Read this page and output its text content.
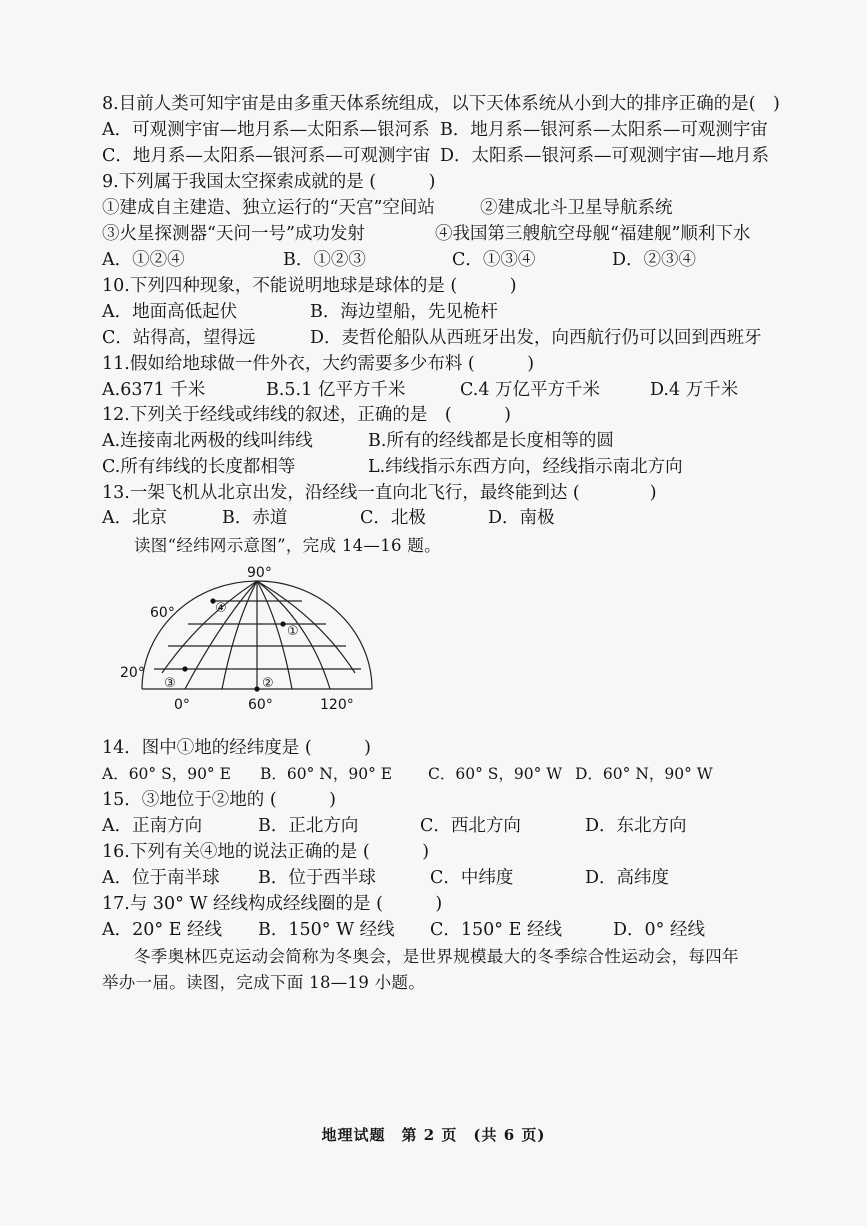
8.目前人类可知宇宙是由多重天体系统组成，以下天体系统从小到大的排序正确的是(　)
A．可观测宇宙—地月系—太阳系—银河系 B．地月系—银河系—太阳系—可观测宇宙
C．地月系—太阳系—银河系—可观测宇宙 D．太阳系—银河系—可观测宇宙—地月系
9.下列属于我国太空探索成就的是 (　　　)
①建成自主建造、独立运行的“天宫”空间站	②建成北斗卫星导航系统
③火星探测器“天问一号”成功发射	④我国第三艘航空母舰“福建舰”顺利下水
A．①②④	B．①②③	C．①③④	D．②③④
10.下列四种现象，不能说明地球是球体的是 (　　　)
A．地面高低起伏	B．海边望船，先见桅杆
C．站得高，望得远	D．麦哲伦船队从西班牙出发，向西航行仍可以回到西班牙
11.假如给地球做一件外衣，大约需要多少布料 (　　　)
A.6371 千米	B.5.1 亿平方千米	C.4 万亿平方千米	D.4 万千米
12.下列关于经线或纬线的叙述，正确的是　(　　　)
A.连接南北两极的线叫纬线	B.所有的经线都是长度相等的圆
C.所有纬线的长度都相等	L.纬线指示东西方向，经线指示南北方向
13.一架飞机从北京出发，沿经线一直向北飞行，最终能到达 (　　　　)
A．北京	B．赤道	C．北极	D．南极
读图“经纬网示意图”，完成 14—16 题。
90°
60°
20°
0°	60°	120°
①
②
③
④
14．图中①地的经纬度是 (　　　)
A．60° S，90° E B．60° N，90° E C．60° S，90° W D．60° N，90° W
15．③地位于②地的 (　　　)
A．正南方向	B．正北方向	C．西北方向	D．东北方向
16.下列有关④地的说法正确的是 (　　　)
A．位于南半球 B．位于西半球	C．中纬度	D．高纬度
17.与 30° W 经线构成经线圈的是 (　　　)
A．20° E 经线 B．150° W 经线 C．150° E 经线	D．0° 经线
冬季奥林匹克运动会简称为冬奥会，是世界规模最大的冬季综合性运动会，每四年
举办一届。读图，完成下面 18—19 小题。
地理试题　第 2 页　(共 6 页)
